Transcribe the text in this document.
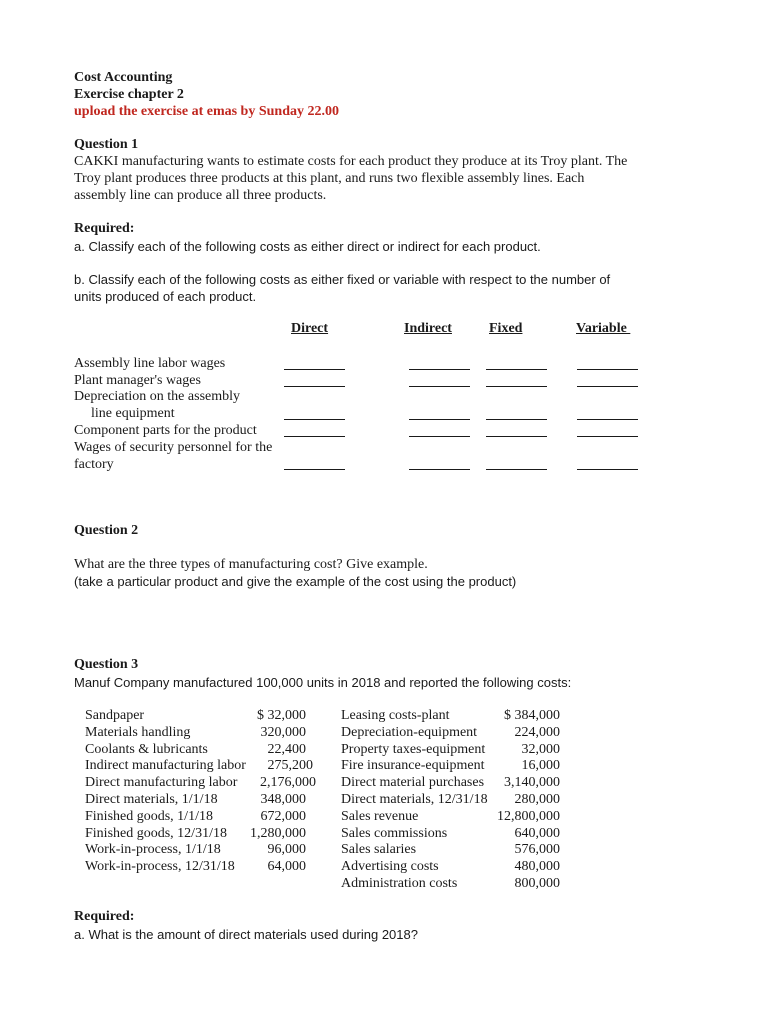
Cost Accounting
Exercise chapter 2
upload the exercise at emas by Sunday 22.00
Question 1
CAKKI manufacturing wants to estimate costs for each product they produce at its Troy plant. The
Troy plant produces three products at this plant, and runs two flexible assembly lines. Each
assembly line can produce all three products.
Required:
a. Classify each of the following costs as either direct or indirect for each product.
b. Classify each of the following costs as either fixed or variable with respect to the number of
units produced of each product.
Direct	Indirect	Fixed	Variable
Assembly line labor wages
Plant manager's wages
Depreciation on the assembly
line equipment
Component parts for the product
Wages of security personnel for the
factory
Question 2
What are the three types of manufacturing cost? Give example.
(take a particular product and give the example of the cost using the product)
Question 3
Manuf Company manufactured 100,000 units in 2018 and reported the following costs:
Sandpaper	$ 32,000
Materials handling	320,000
Coolants & lubricants	22,400
Indirect manufacturing labor	275,200
Direct manufacturing labor	2,176,000
Direct materials, 1/1/18	348,000
Finished goods, 1/1/18	672,000
Finished goods, 12/31/18	1,280,000
Work-in-process, 1/1/18	96,000
Work-in-process, 12/31/18	64,000
Leasing costs-plant	$ 384,000
Depreciation-equipment	224,000
Property taxes-equipment	32,000
Fire insurance-equipment	16,000
Direct material purchases	3,140,000
Direct materials, 12/31/18	280,000
Sales revenue	12,800,000
Sales commissions	640,000
Sales salaries	576,000
Advertising costs	480,000
Administration costs	800,000
Required:
a. What is the amount of direct materials used during 2018?
